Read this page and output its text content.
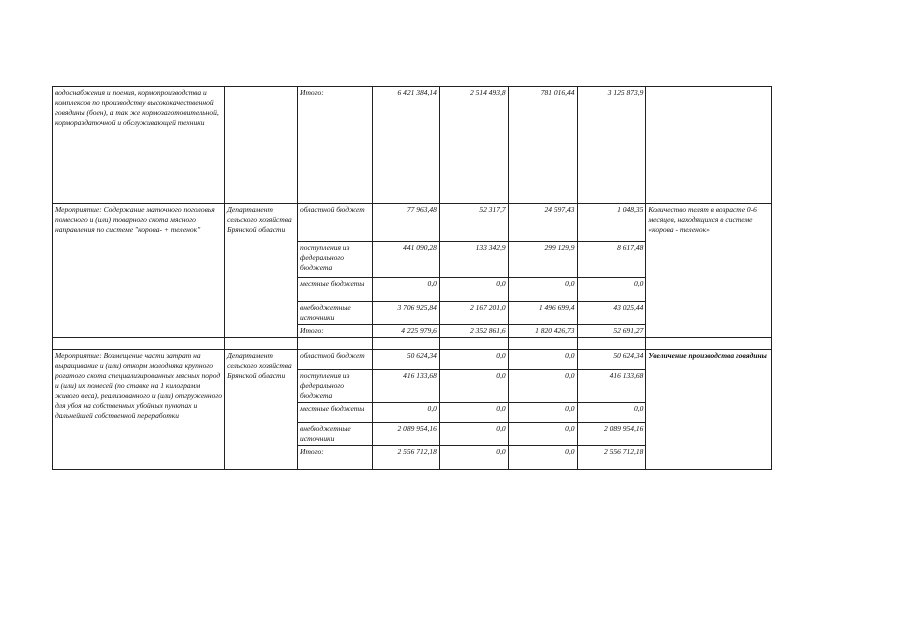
водоснабжения и поения, кормопроизводства и комплексов по производству высококачественной говядины (боен), а так же кормозаготовительной, кормораздаточной и обслуживающей техники		Итого:	6 421 384,14	2 514 493,8	781 016,44	3 125 873,9	
Мероприятие: Содержание маточного поголовья помесного и (или) товарного скота мясного направления по системе "корова- + теленок"	Департамент сельского хозяйства Брянской области	областной бюджет	77 963,48	52 317,7	24 597,43	1 048,35	Количество телят в возрасте 0-6 месяцев, находящихся в системе «корова - теленок»
		поступления из федерального бюджета	441 090,28	133 342,9	299 129,9	8 617,48	
		местные бюджеты	0,0	0,0	0,0	0,0	
		внебюджетные источники	3 706 925,84	2 167 201,0	1 496 699,4	43 025,44	
		Итого:	4 225 979,6	2 352 861,6	1 820 426,73	52 691,27	

Мероприятие: Возмещение части затрат на выращивание и (или) откорм молодняка крупного рогатого скота специализированных мясных пород и (или) их помесей (по ставке на 1 килограмм живого веса), реализованного и (или) отгруженного для убоя на собственных убойных пунктах и дальнейшей собственной переработки	Департамент сельского хозяйства Брянской области	областной бюджет	50 624,34	0,0	0,0	50 624,34	Увеличение производства говядины
		поступления из федерального бюджета	416 133,68	0,0	0,0	416 133,68	
		местные бюджеты	0,0	0,0	0,0	0,0	
		внебюджетные источники	2 089 954,16	0,0	0,0	2 089 954,16	
		Итого:	2 556 712,18	0,0	0,0	2 556 712,18	
